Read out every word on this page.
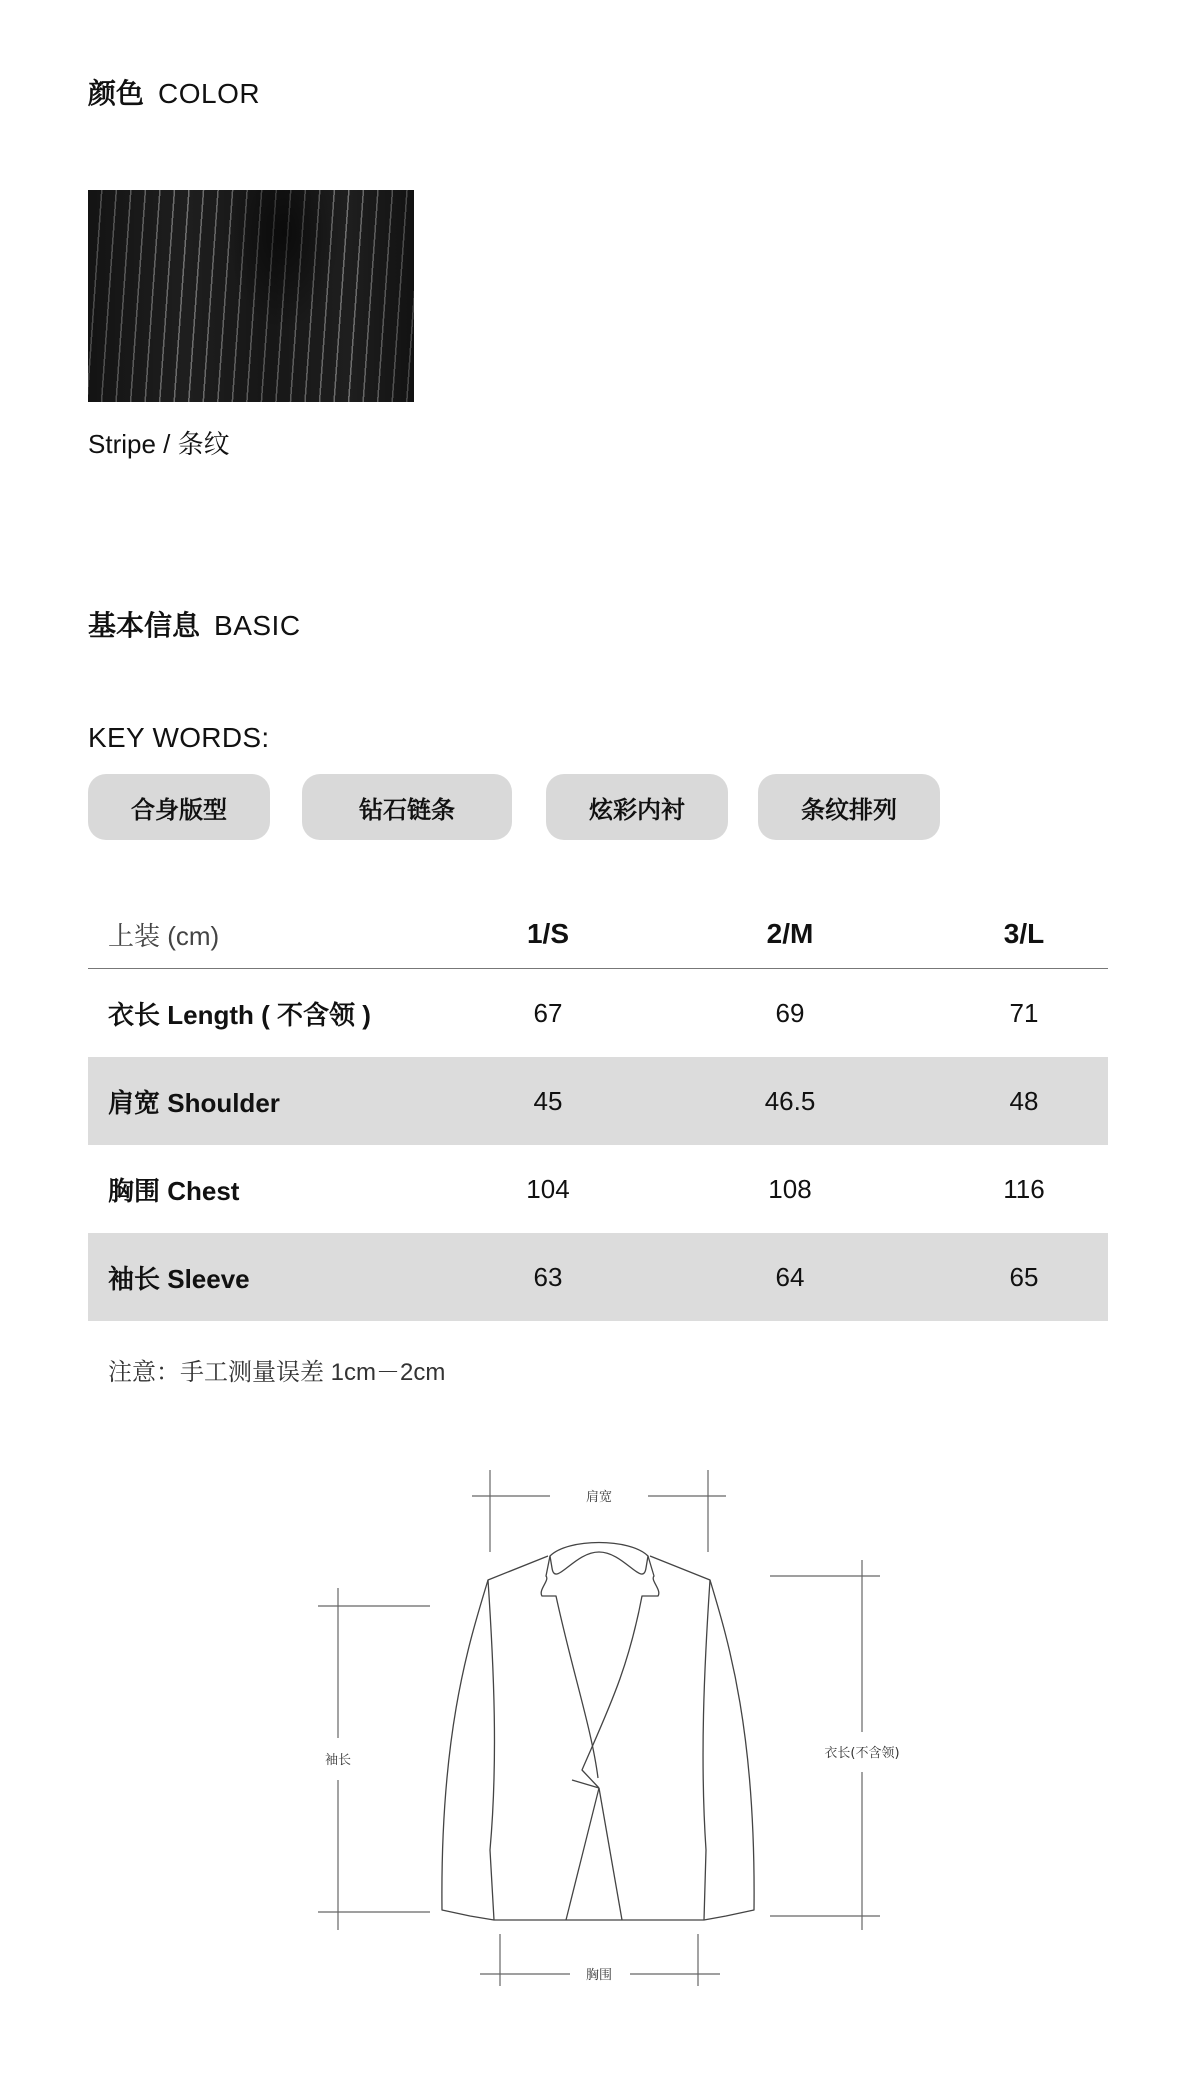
颜色 COLOR
Stripe / 条纹
基本信息 BASIC
KEY WORDS:
合身版型	钻石链条	炫彩内衬	条纹排列
上装 (cm)	1/S	2/M	3/L
衣长 Length ( 不含领 )	67	69	71
肩宽 Shoulder	45	46.5	48
胸围 Chest	104	108	116
袖长 Sleeve	63	64	65
注意：手工测量误差 1cm－2cm
肩宽
袖长	衣长(不含领)
胸围
